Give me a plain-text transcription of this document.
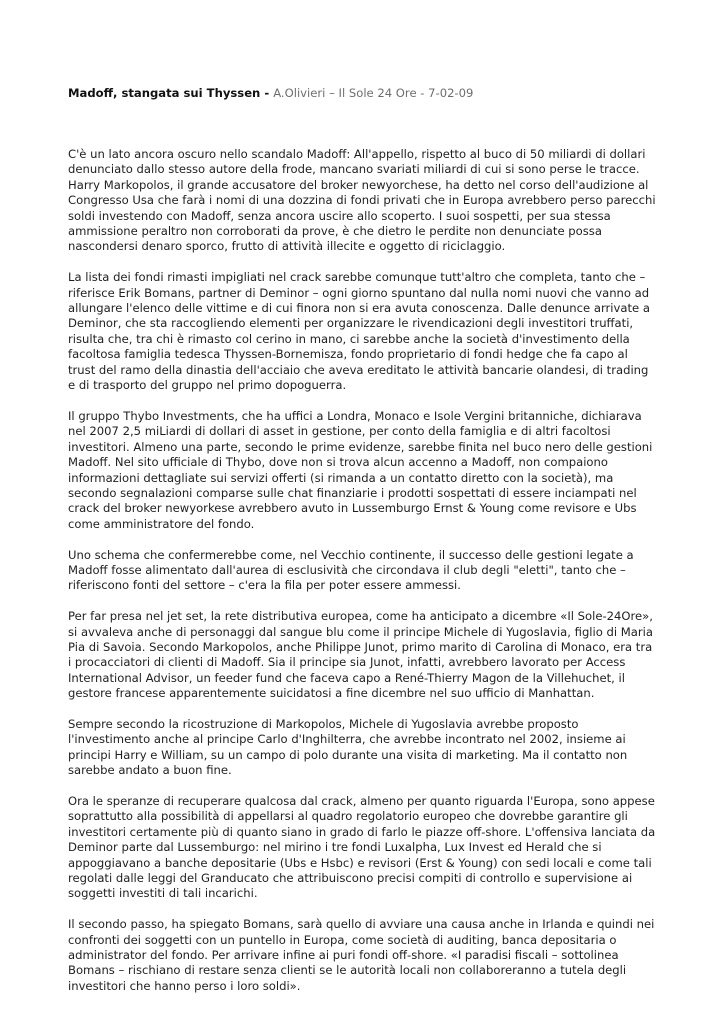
Madoff, stangata sui Thyssen - A.Olivieri – Il Sole 24 Ore - 7-02-09

C'è un lato ancora oscuro nello scandalo Madoff: All'appello, rispetto al buco di 50 miliardi di dollari denunciato dallo stesso autore della frode, mancano svariati miliardi di cui si sono perse le tracce. Harry Markopolos, il grande accusatore del broker newyorchese, ha detto nel corso dell'audizione al Congresso Usa che farà i nomi di una dozzina di fondi privati che in Europa avrebbero perso parecchi soldi investendo con Madoff, senza ancora uscire allo scoperto. I suoi sospetti, per sua stessa ammissione peraltro non corroborati da prove, è che dietro le perdite non denunciate possa nascondersi denaro sporco, frutto di attività illecite e oggetto di riciclaggio.

La lista dei fondi rimasti impigliati nel crack sarebbe comunque tutt'altro che completa, tanto che – riferisce Erik Bomans, partner di Deminor – ogni giorno spuntano dal nulla nomi nuovi che vanno ad allungare l'elenco delle vittime e di cui finora non si era avuta conoscenza. Dalle denunce arrivate a Deminor, che sta raccogliendo elementi per organizzare le rivendicazioni degli investitori truffati, risulta che, tra chi è rimasto col cerino in mano, ci sarebbe anche la società d'investimento della facoltosa famiglia tedesca Thyssen-Bornemisza, fondo proprietario di fondi hedge che fa capo al trust del ramo della dinastia dell'acciaio che aveva ereditato le attività bancarie olandesi, di trading e di trasporto del gruppo nel primo dopoguerra.

Il gruppo Thybo Investments, che ha uffici a Londra, Monaco e Isole Vergini britanniche, dichiarava nel 2007 2,5 miLiardi di dollari di asset in gestione, per conto della famiglia e di altri facoltosi investitori. Almeno una parte, secondo le prime evidenze, sarebbe finita nel buco nero delle gestioni Madoff. Nel sito ufficiale di Thybo, dove non si trova alcun accenno a Madoff, non compaiono informazioni dettagliate sui servizi offerti (si rimanda a un contatto diretto con la società), ma secondo segnalazioni comparse sulle chat finanziarie i prodotti sospettati di essere inciampati nel crack del broker newyorkese avrebbero avuto in Lussemburgo Ernst & Young come revisore e Ubs come amministratore del fondo.

Uno schema che confermerebbe come, nel Vecchio continente, il successo delle gestioni legate a Madoff fosse alimentato dall'aurea di esclusività che circondava il club degli "eletti", tanto che – riferiscono fonti del settore – c'era la fila per poter essere ammessi.

Per far presa nel jet set, la rete distributiva europea, come ha anticipato a dicembre «Il Sole-24Ore», si avvaleva anche di personaggi dal sangue blu come il principe Michele di Yugoslavia, figlio di Maria Pia di Savoia. Secondo Markopolos, anche Philippe Junot, primo marito di Carolina di Monaco, era tra i procacciatori di clienti di Madoff. Sia il principe sia Junot, infatti, avrebbero lavorato per Access International Advisor, un feeder fund che faceva capo a René-Thierry Magon de la Villehuchet, il gestore francese apparentemente suicidatosi a fine dicembre nel suo ufficio di Manhattan.

Sempre secondo la ricostruzione di Markopolos, Michele di Yugoslavia avrebbe proposto l'investimento anche al principe Carlo d'Inghilterra, che avrebbe incontrato nel 2002, insieme ai principi Harry e William, su un campo di polo durante una visita di marketing. Ma il contatto non sarebbe andato a buon fine.

Ora le speranze di recuperare qualcosa dal crack, almeno per quanto riguarda l'Europa, sono appese soprattutto alla possibilità di appellarsi al quadro regolatorio europeo che dovrebbe garantire gli investitori certamente più di quanto siano in grado di farlo le piazze off-shore. L'offensiva lanciata da Deminor parte dal Lussemburgo: nel mirino i tre fondi Luxalpha, Lux Invest ed Herald che si appoggiavano a banche depositarie (Ubs e Hsbc) e revisori (Erst & Young) con sedi locali e come tali regolati dalle leggi del Granducato che attribuiscono precisi compiti di controllo e supervisione ai soggetti investiti di tali incarichi.

Il secondo passo, ha spiegato Bomans, sarà quello di avviare una causa anche in Irlanda e quindi nei confronti dei soggetti con un puntello in Europa, come società di auditing, banca depositaria o administrator del fondo. Per arrivare infine ai puri fondi off-shore. «I paradisi fiscali – sottolinea Bomans – rischiano di restare senza clienti se le autorità locali non collaboreranno a tutela degli investitori che hanno perso i loro soldi».
